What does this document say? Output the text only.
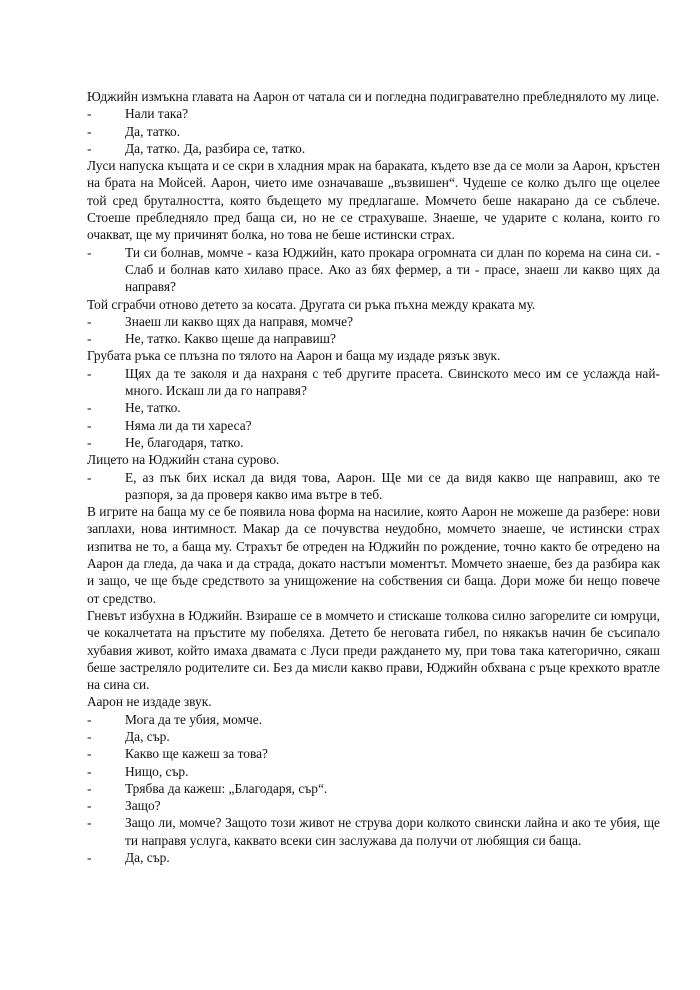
Юджийн измъкна главата на Аарон от чатала си и погледна подигравателно пребледнялото му лице.
-	Нали така?
-	Да, татко.
-	Да, татко. Да, разбира се, татко.
Луси напуска къщата и се скри в хладния мрак на бараката, където взе да се моли за Аарон, кръстен на брата на Мойсей. Аарон, чието име означаваше „възвишен“. Чудеше се колко дълго ще оцелее той сред бруталността, която бъдещето му предлагаше. Момчето беше накарано да се съблече. Стоеше пребледняло пред баща си, но не се страхуваше. Знаеше, че ударите с колана, които го очакват, ще му причинят болка, но това не беше истински страх.
-	Ти си болнав, момче - каза Юджийн, като прокара огромната си длан по корема на сина си. - Слаб и болнав като хилаво прасе. Ако аз бях фермер, а ти - прасе, знаеш ли какво щях да направя?
Той сграбчи отново детето за косата. Другата си ръка пъхна между краката му.
-	Знаеш ли какво щях да направя, момче?
-	Не, татко. Какво щеше да направиш?
Грубата ръка се плъзна по тялото на Аарон и баща му издаде рязък звук.
-	Щях да те заколя и да нахраня с теб другите прасета. Свинското месо им се услажда най-много. Искаш ли да го направя?
-	Не, татко.
-	Няма ли да ти хареса?
-	Не, благодаря, татко.
Лицето на Юджийн стана сурово.
-	Е, аз пък бих искал да видя това, Аарон. Ще ми се да видя какво ще направиш, ако те разпоря, за да проверя какво има вътре в теб.
В игрите на баща му се бе появила нова форма на насилие, която Аарон не можеше да разбере: нови заплахи, нова интимност. Макар да се почувства неудобно, момчето знаеше, че истински страх изпитва не то, а баща му. Страхът бе отреден на Юджийн по рождение, точно както бе отредено на Аарон да гледа, да чака и да страда, докато настъпи моментът. Момчето знаеше, без да разбира как и защо, че ще бъде средството за унищожение на собствения си баща. Дори може би нещо повече от средство.
Гневът избухна в Юджийн. Взираше се в момчето и стискаше толкова силно загорелите си юмруци, че кокалчетата на пръстите му побеляха. Детето бе неговата гибел, по някакъв начин бе съсипало хубавия живот, който имаха двамата с Луси преди раждането му, при това така категорично, сякаш беше застреляло родителите си. Без да мисли какво прави, Юджийн обхвана с ръце крехкото вратле на сина си.
Аарон не издаде звук.
-	Мога да те убия, момче.
-	Да, сър.
-	Какво ще кажеш за това?
-	Нищо, сър.
-	Трябва да кажеш: „Благодаря, сър“.
-	Защо?
-	Защо ли, момче? Защото този живот не струва дори колкото свински лайна и ако те убия, ще ти направя услуга, каквато всеки син заслужава да получи от любящия си баща.
-	Да, сър.
